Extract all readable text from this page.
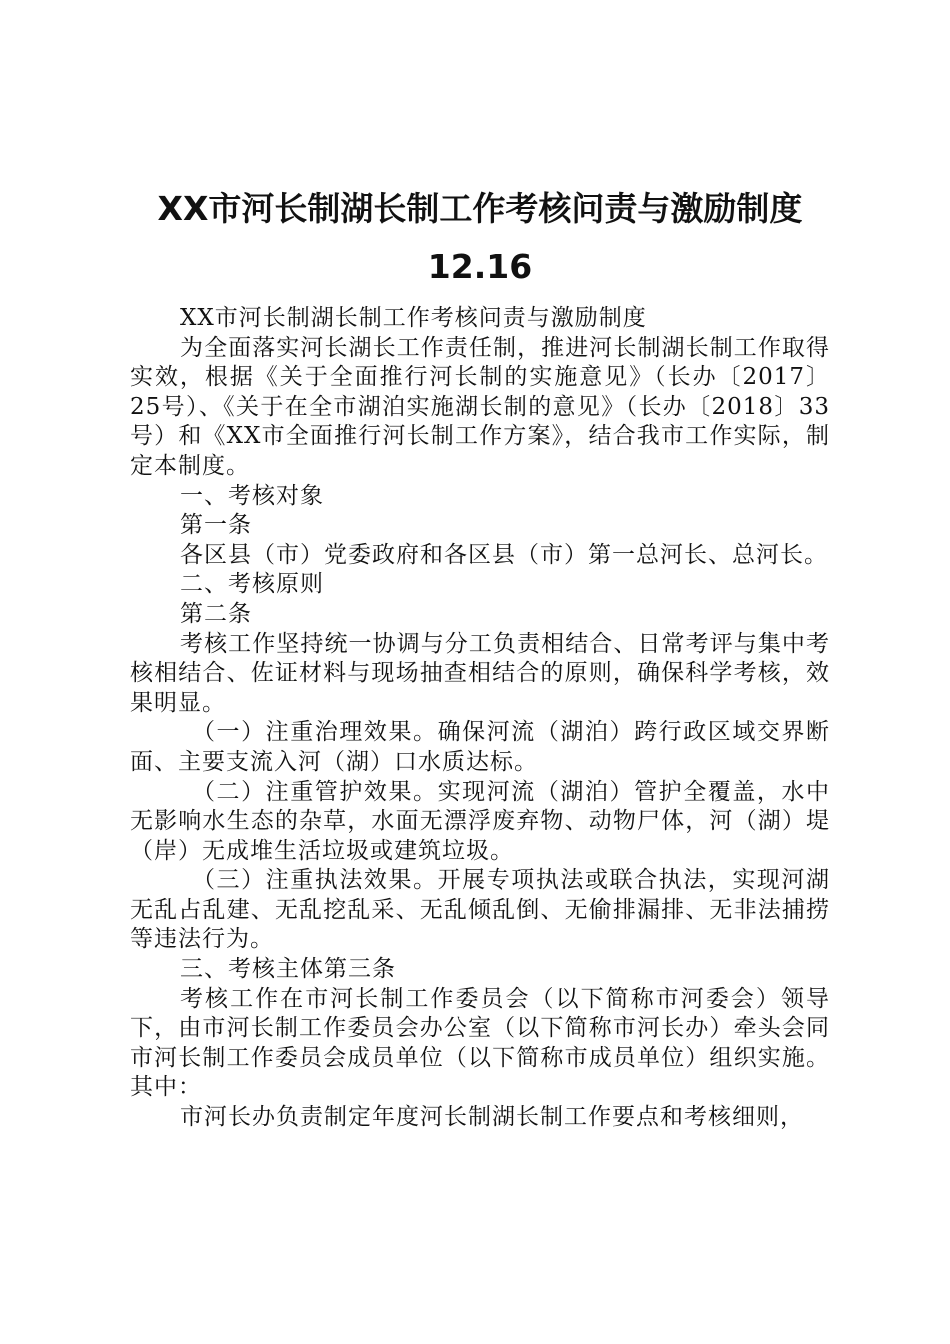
XX市河长制湖长制工作考核问责与激励制度
12.16

XX市河长制湖长制工作考核问责与激励制度

为全面落实河长湖长工作责任制，推进河长制湖长制工作取得实效，根据《关于全面推行河长制的实施意见》（长办〔2017〕25号）、《关于在全市湖泊实施湖长制的意见》（长办〔2018〕33号）和《XX市全面推行河长制工作方案》，结合我市工作实际，制定本制度。

一、考核对象

第一条

各区县（市）党委政府和各区县（市）第一总河长、总河长。

二、考核原则

第二条

考核工作坚持统一协调与分工负责相结合、日常考评与集中考核相结合、佐证材料与现场抽查相结合的原则，确保科学考核，效果明显。

（一）注重治理效果。确保河流（湖泊）跨行政区域交界断面、主要支流入河（湖）口水质达标。

（二）注重管护效果。实现河流（湖泊）管护全覆盖，水中无影响水生态的杂草，水面无漂浮废弃物、动物尸体，河（湖）堤（岸）无成堆生活垃圾或建筑垃圾。

（三）注重执法效果。开展专项执法或联合执法，实现河湖无乱占乱建、无乱挖乱采、无乱倾乱倒、无偷排漏排、无非法捕捞等违法行为。

三、考核主体第三条

考核工作在市河长制工作委员会（以下简称市河委会）领导下，由市河长制工作委员会办公室（以下简称市河长办）牵头会同市河长制工作委员会成员单位（以下简称市成员单位）组织实施。其中：

市河长办负责制定年度河长制湖长制工作要点和考核细则，
